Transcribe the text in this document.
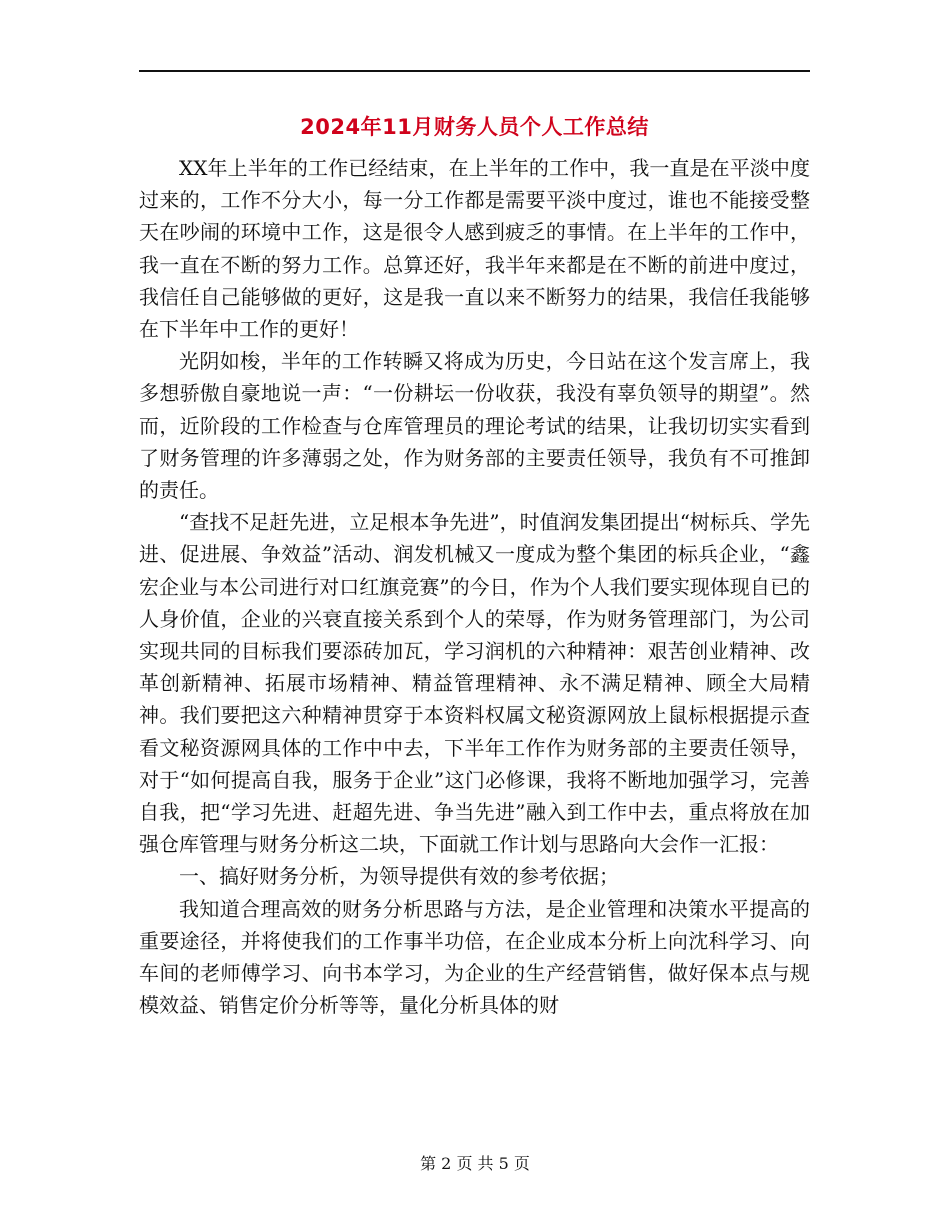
2024年11月财务人员个人工作总结

XX年上半年的工作已经结束，在上半年的工作中，我一直是在平淡中度过来的，工作不分大小，每一分工作都是需要平淡中度过，谁也不能接受整天在吵闹的环境中工作，这是很令人感到疲乏的事情。在上半年的工作中，我一直在不断的努力工作。总算还好，我半年来都是在不断的前进中度过，我信任自己能够做的更好，这是我一直以来不断努力的结果，我信任我能够在下半年中工作的更好！

光阴如梭，半年的工作转瞬又将成为历史，今日站在这个发言席上，我多想骄傲自豪地说一声：“一份耕坛一份收获，我没有辜负领导的期望”。然而，近阶段的工作检查与仓库管理员的理论考试的结果，让我切切实实看到了财务管理的许多薄弱之处，作为财务部的主要责任领导，我负有不可推卸的责任。

“查找不足赶先进，立足根本争先进”，时值润发集团提出“树标兵、学先进、促进展、争效益”活动、润发机械又一度成为整个集团的标兵企业，“鑫宏企业与本公司进行对口红旗竞赛”的今日，作为个人我们要实现体现自已的人身价值，企业的兴衰直接关系到个人的荣辱，作为财务管理部门，为公司实现共同的目标我们要添砖加瓦，学习润机的六种精神：艰苦创业精神、改革创新精神、拓展市场精神、精益管理精神、永不满足精神、顾全大局精神。我们要把这六种精神贯穿于本资料权属文秘资源网放上鼠标根据提示查看文秘资源网具体的工作中中去，下半年工作作为财务部的主要责任领导，对于“如何提高自我，服务于企业”这门必修课，我将不断地加强学习，完善自我，把“学习先进、赶超先进、争当先进”融入到工作中去，重点将放在加强仓库管理与财务分析这二块，下面就工作计划与思路向大会作一汇报：

一、搞好财务分析，为领导提供有效的参考依据；

我知道合理高效的财务分析思路与方法，是企业管理和决策水平提高的重要途径，并将使我们的工作事半功倍，在企业成本分析上向沈科学习、向车间的老师傅学习、向书本学习，为企业的生产经营销售，做好保本点与规模效益、销售定价分析等等，量化分析具体的财

第 2 页 共 5 页
